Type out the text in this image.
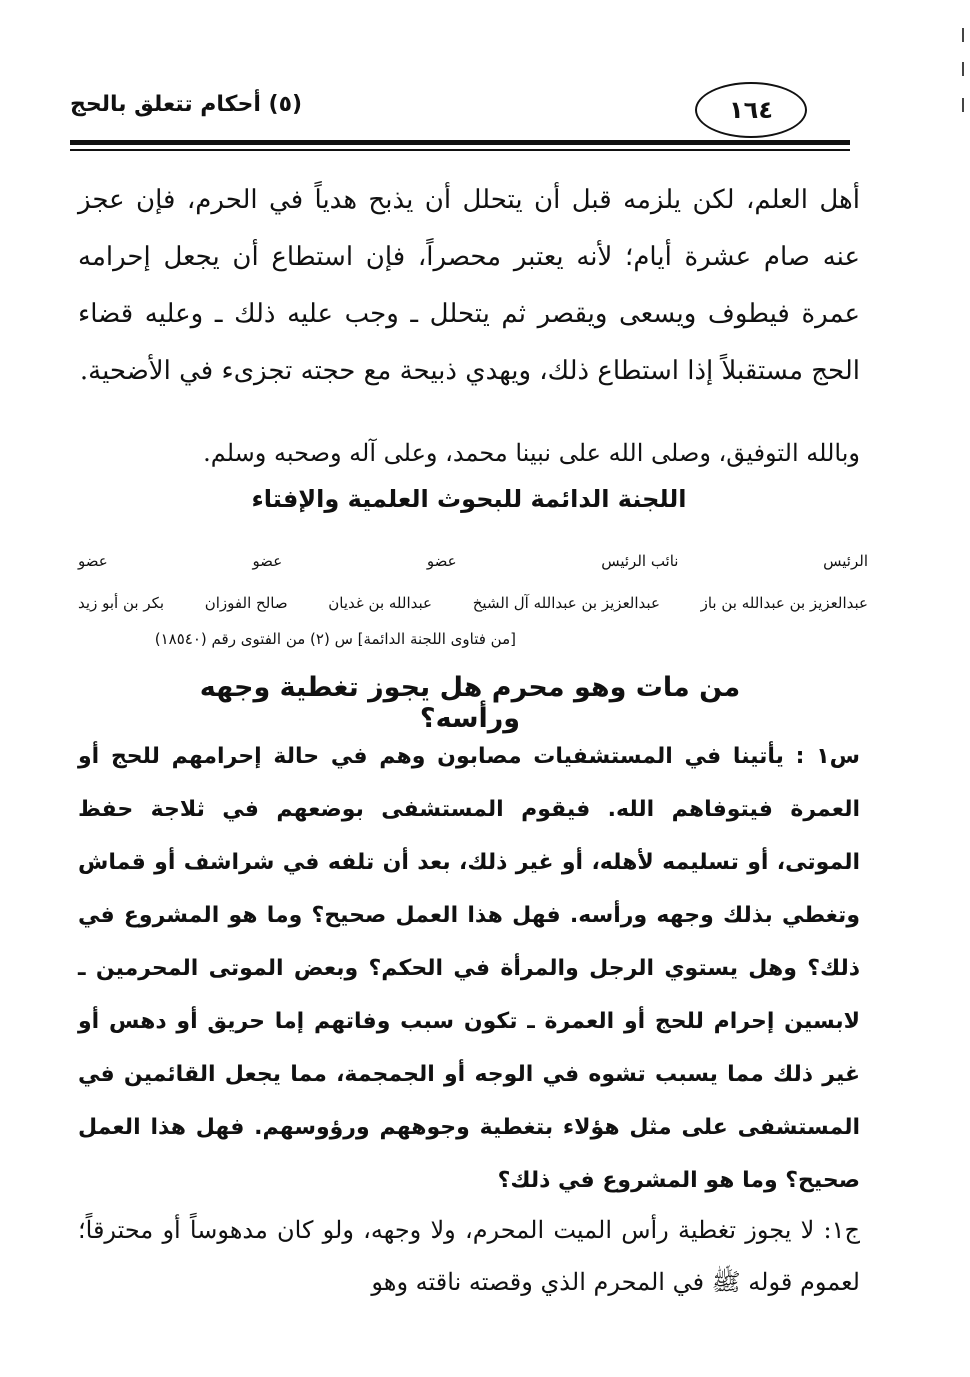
١٦٤
(٥) أحكام تتعلق بالحج

أهل العلم، لكن يلزمه قبل أن يتحلل أن يذبح هدياً في الحرم، فإن عجز عنه صام عشرة أيام؛ لأنه يعتبر محصراً، فإن استطاع أن يجعل إحرامه عمرة فيطوف ويسعى ويقصر ثم يتحلل ـ وجب عليه ذلك ـ وعليه قضاء الحج مستقبلاً إذا استطاع ذلك، ويهدي ذبيحة مع حجته تجزىء في الأضحية.

وبالله التوفيق، وصلى الله على نبينا محمد، وعلى آله وصحبه وسلم.

اللجنة الدائمة للبحوث العلمية والإفتاء
عضو	عضو	عضو	نائب الرئيس	الرئيس
بكر بن أبو زيد	صالح الفوزان	عبدالله بن غديان	عبدالعزيز بن عبدالله آل الشيخ	عبدالعزيز بن عبدالله بن باز
[من فتاوى اللجنة الدائمة] س (٢) من الفتوى رقم (١٨٥٤٠)
من مات وهو محرم هل يجوز تغطية وجهه ورأسه؟

س١ : يأتينا في المستشفيات مصابون وهم في حالة إحرامهم للحج أو العمرة فيتوفاهم الله. فيقوم المستشفى بوضعهم في ثلاجة حفظ الموتى، أو تسليمه لأهله، أو غير ذلك، بعد أن تلفه في شراشف أو قماش وتغطي بذلك وجهه ورأسه. فهل هذا العمل صحيح؟ وما هو المشروع في ذلك؟ وهل يستوي الرجل والمرأة في الحكم؟ وبعض الموتى المحرمين ـ لابسين إحرام للحج أو العمرة ـ تكون سبب وفاتهم إما حريق أو دهس أو غير ذلك مما يسبب تشوه في الوجه أو الجمجمة، مما يجعل القائمين في المستشفى على مثل هؤلاء بتغطية وجوههم ورؤوسهم. فهل هذا العمل صحيح؟ وما هو المشروع في ذلك؟

ج١: لا يجوز تغطية رأس الميت المحرم، ولا وجهه، ولو كان مدهوساً أو محترقاً؛ لعموم قوله ﷺ في المحرم الذي وقصته ناقته وهو
